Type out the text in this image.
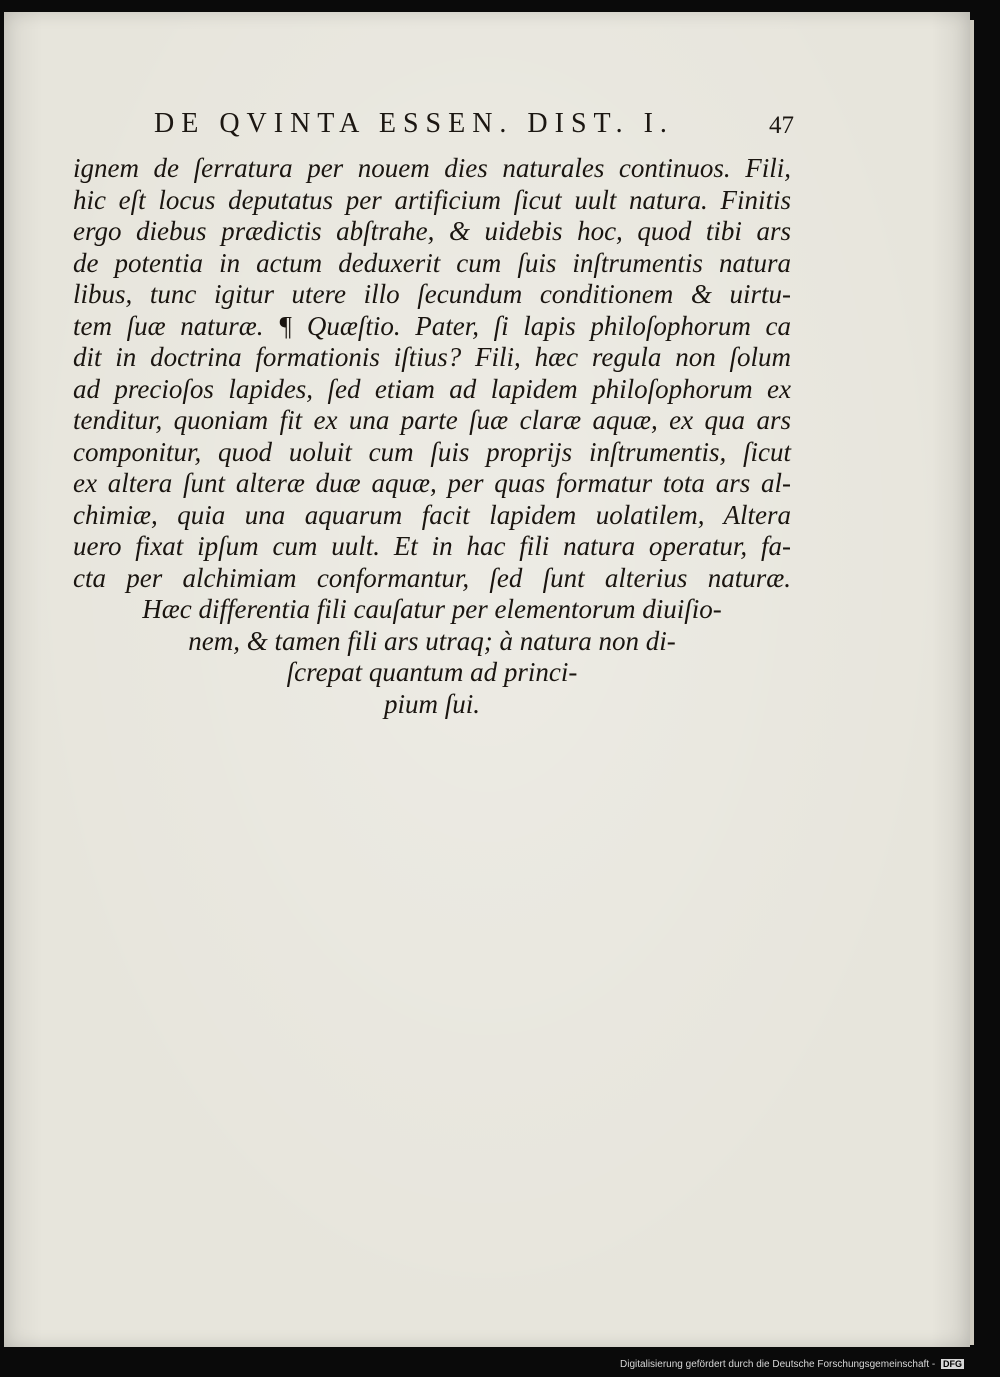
DE QVINTA ESSEN. DIST. I.	47
ignem de ſerratura per nouem dies naturales continuos. Fili,
hic eſt locus deputatus per artificium ſicut uult natura. Finitis
ergo diebus prædictis abſtrahe, & uidebis hoc, quod tibi ars
de potentia in actum deduxerit cum ſuis inſtrumentis natura
libus, tunc igitur utere illo ſecundum conditionem & uirtu-
tem ſuæ naturæ. ¶ Quæſtio. Pater, ſi lapis philoſophorum ca
dit in doctrina formationis iſtius? Fili, hæc regula non ſolum
ad precioſos lapides, ſed etiam ad lapidem philoſophorum ex
tenditur, quoniam fit ex una parte ſuæ claræ aquæ, ex qua ars
componitur, quod uoluit cum ſuis proprijs inſtrumentis, ſicut
ex altera ſunt alteræ duæ aquæ, per quas formatur tota ars al-
chimiæ, quia una aquarum facit lapidem uolatilem, Altera
uero fixat ipſum cum uult. Et in hac fili natura operatur, fa-
cta per alchimiam conformantur, ſed ſunt alterius naturæ.
Hæc differentia fili cauſatur per elementorum diuiſio-
nem, & tamen fili ars utraq; à natura non di-
ſcrepat quantum ad princi-
pium ſui.
Digitalisierung gefördert durch die Deutsche Forschungsgemeinschaft - DFG
